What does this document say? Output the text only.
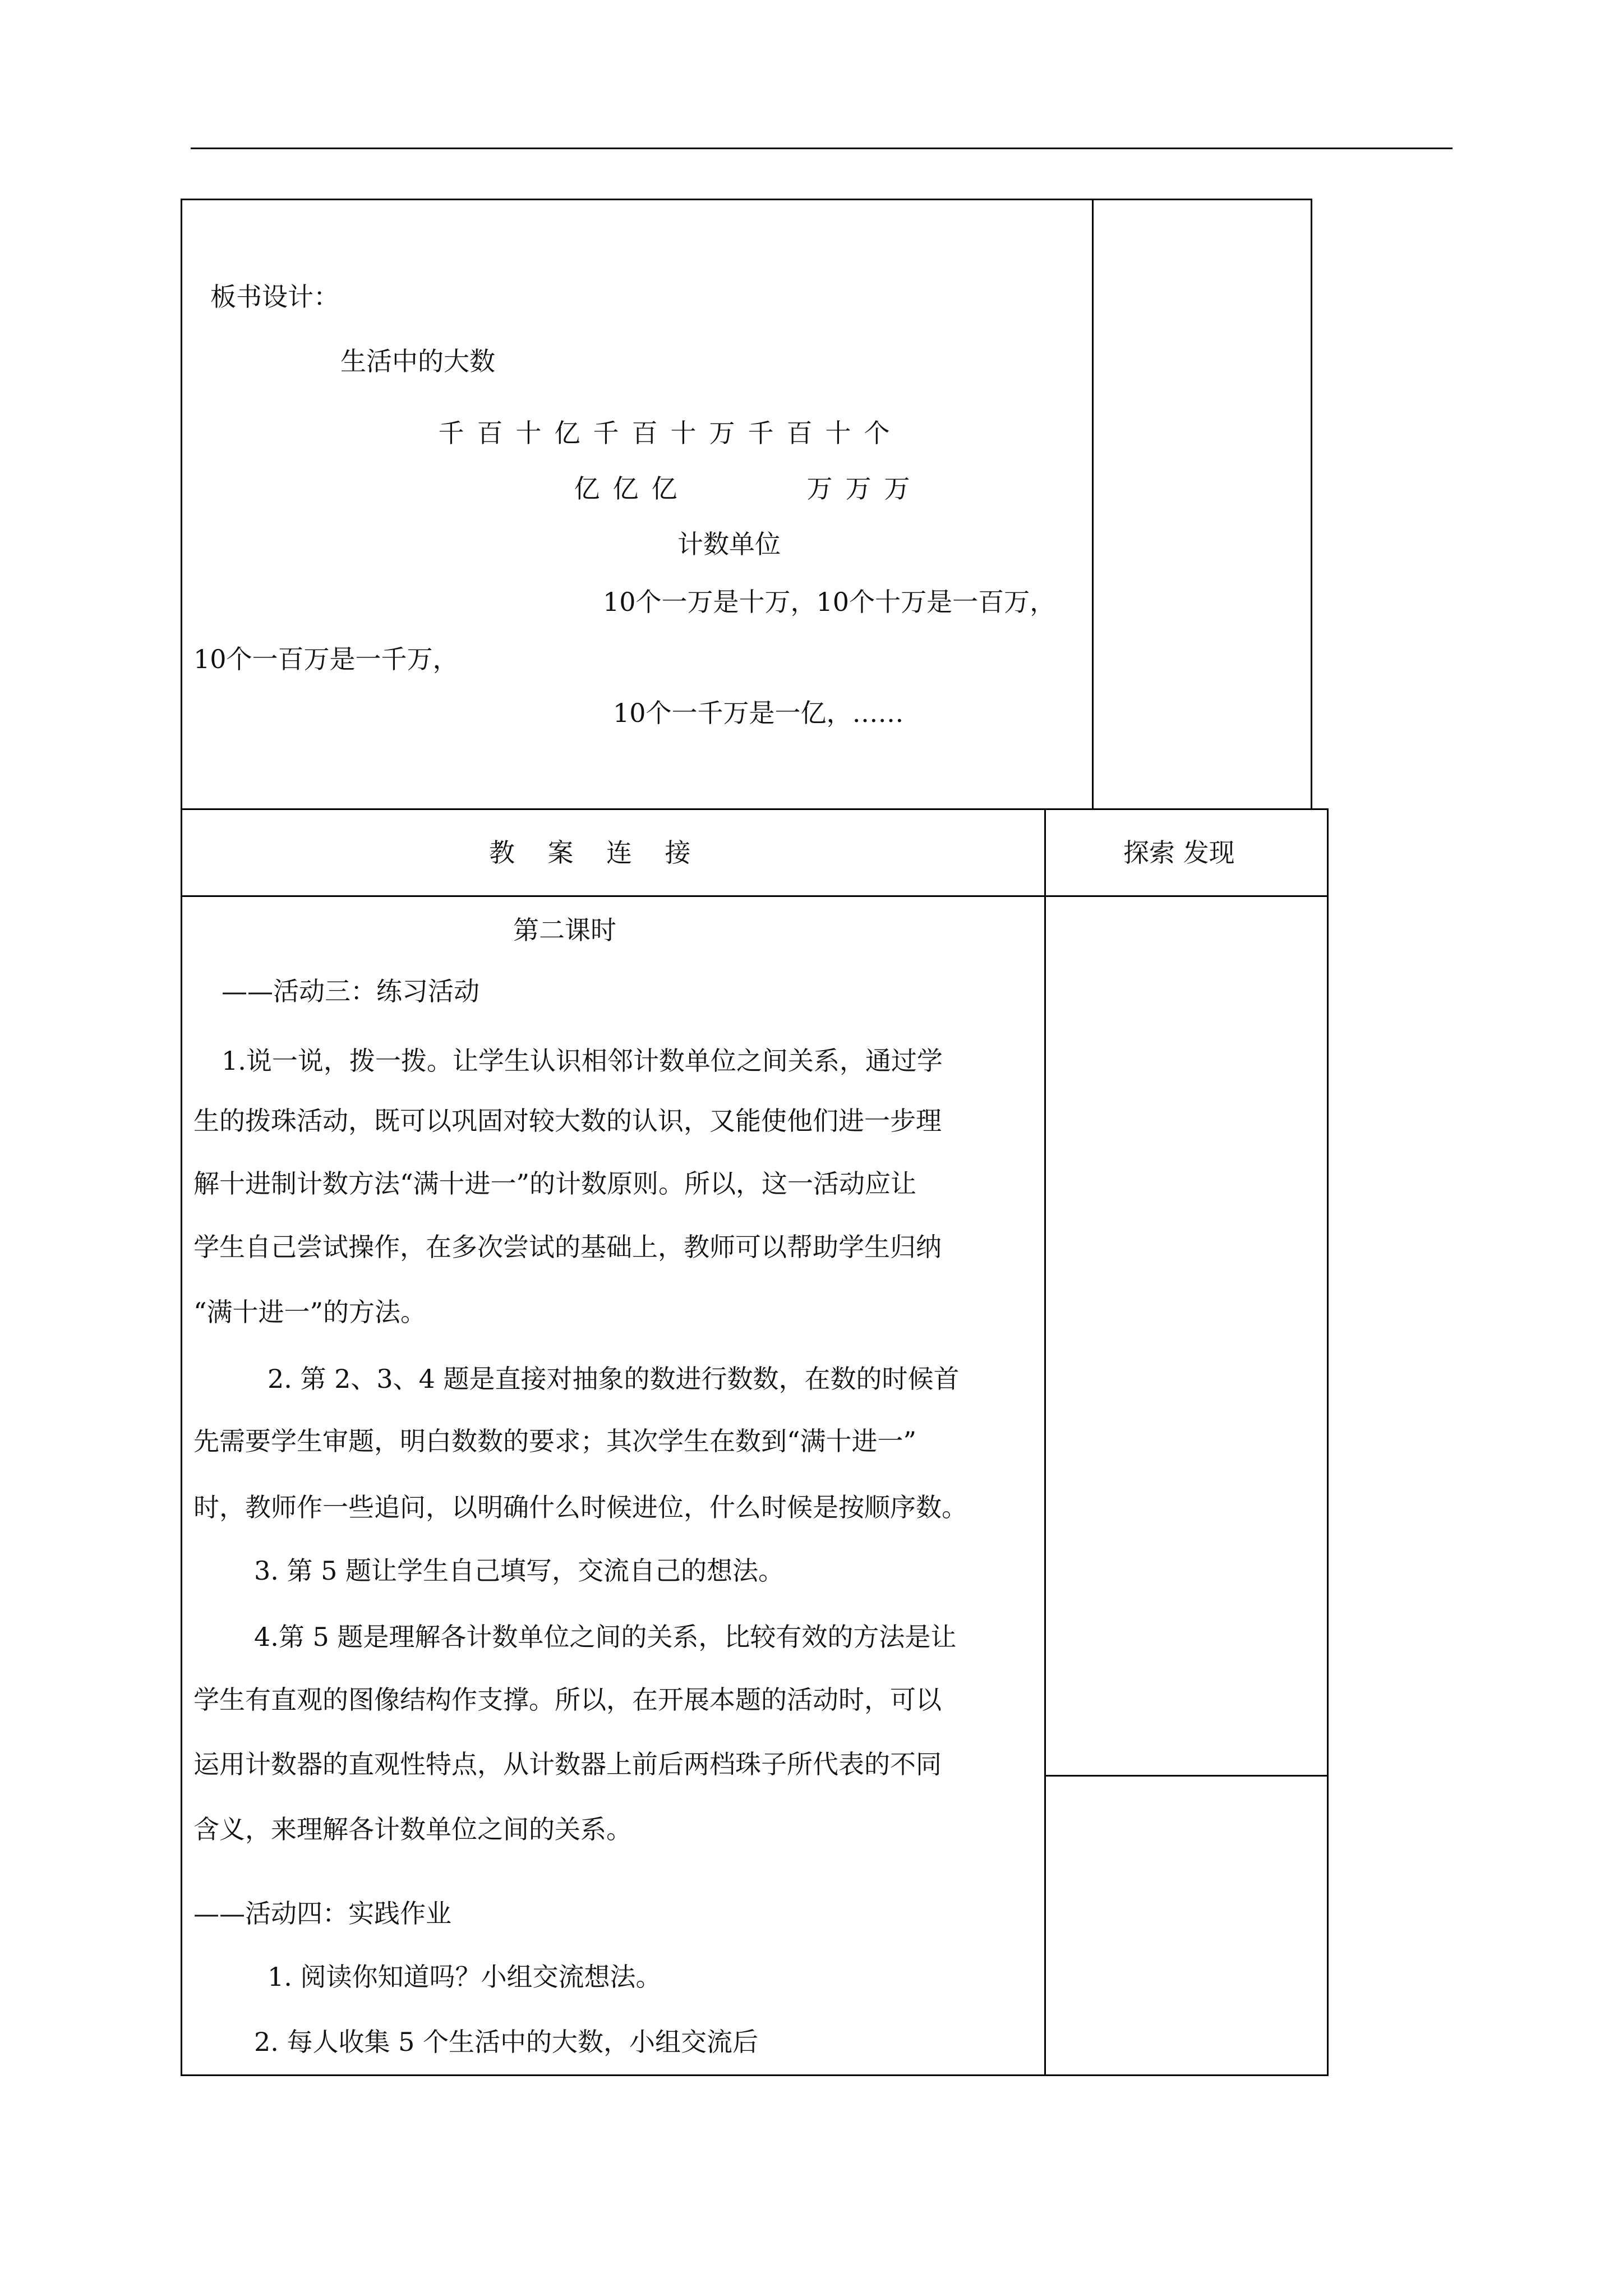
板书设计：
生活中的大数
千 百 十 亿 千 百 十 万 千 百 十 个
亿 亿 亿	万 万 万
计数单位
10个一万是十万，10个十万是一百万，
10个一百万是一千万，
10个一千万是一亿，……
教    案    连    接	探索 发现
第二课时
——活动三：练习活动
1.说一说，拨一拨。让学生认识相邻计数单位之间关系，通过学
生的拨珠活动，既可以巩固对较大数的认识，又能使他们进一步理
解十进制计数方法“满十进一”的计数原则。所以，这一活动应让
学生自己尝试操作，在多次尝试的基础上，教师可以帮助学生归纳
“满十进一”的方法。
2. 第 2、3、4 题是直接对抽象的数进行数数，在数的时候首
先需要学生审题，明白数数的要求；其次学生在数到“满十进一”
时，教师作一些追问，以明确什么时候进位，什么时候是按顺序数。
3. 第 5 题让学生自己填写，交流自己的想法。
4.第 5 题是理解各计数单位之间的关系，比较有效的方法是让
学生有直观的图像结构作支撑。所以，在开展本题的活动时，可以
运用计数器的直观性特点，从计数器上前后两档珠子所代表的不同
含义，来理解各计数单位之间的关系。
——活动四：实践作业
1. 阅读你知道吗？小组交流想法。
2. 每人收集 5 个生活中的大数，小组交流后
